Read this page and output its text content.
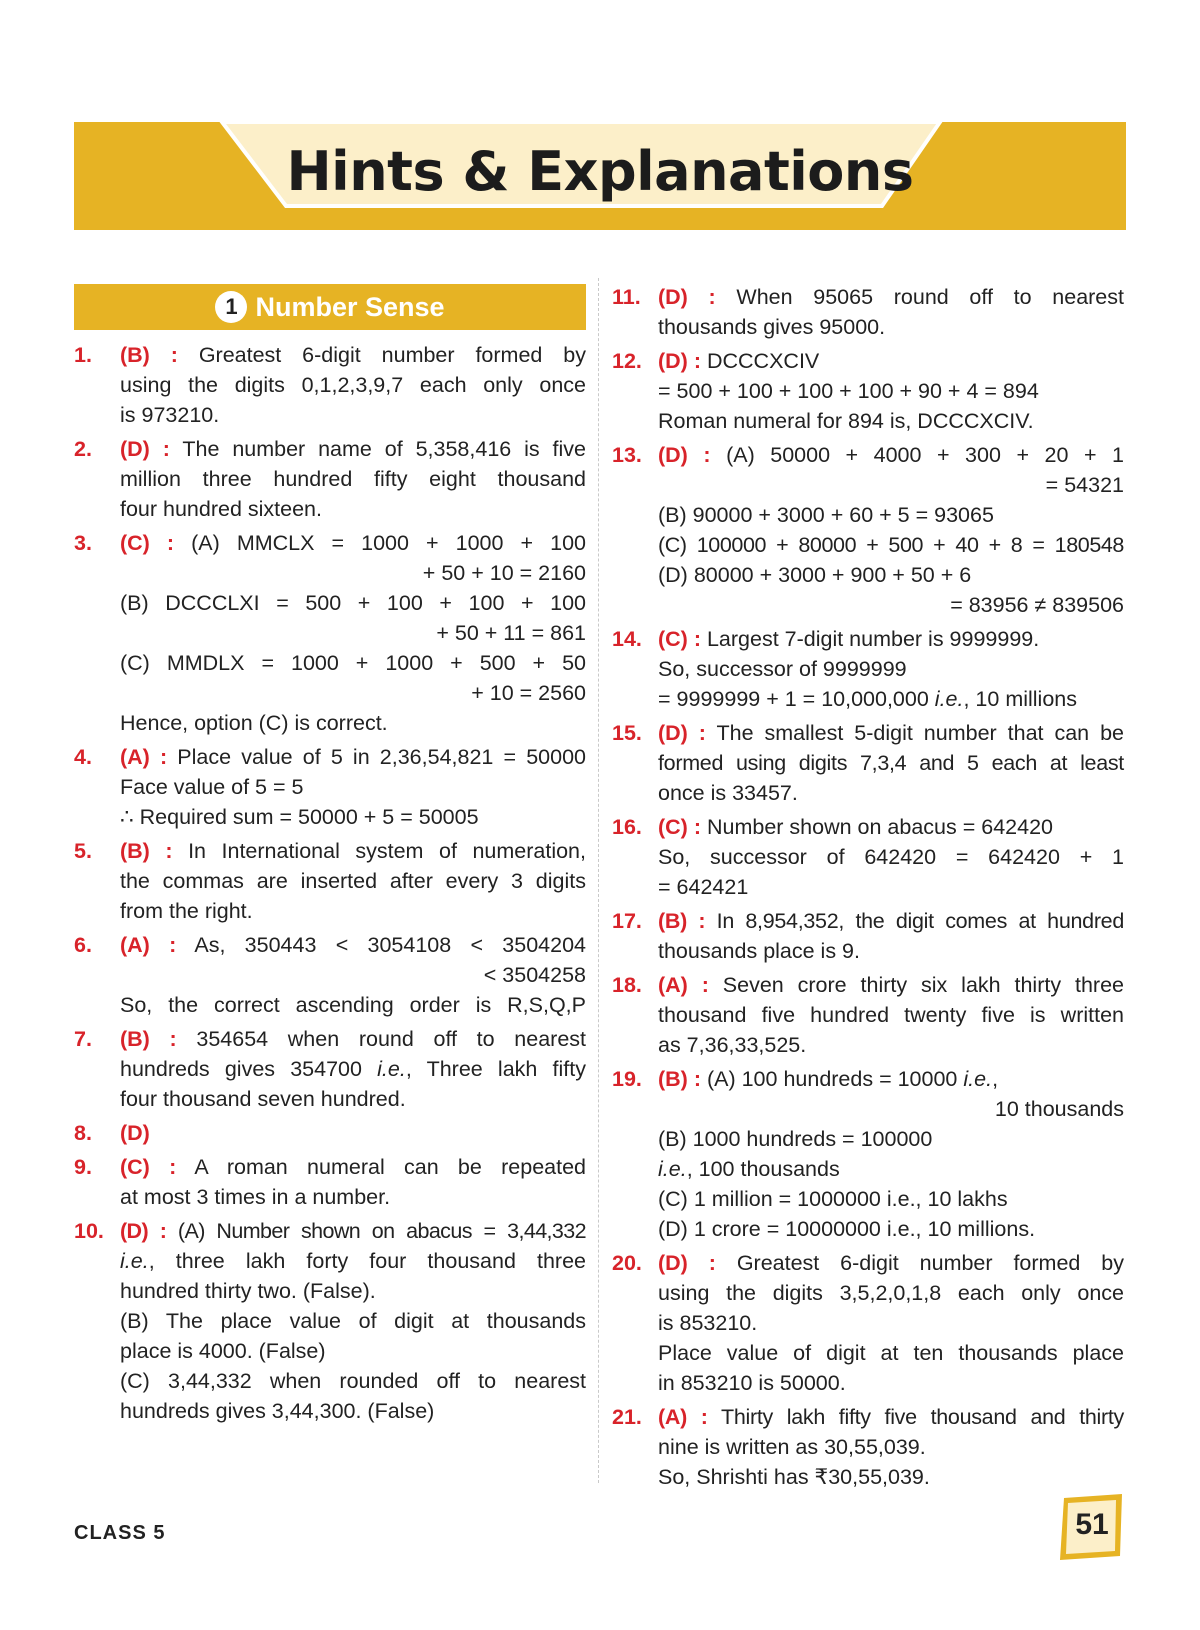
Hints & Explanations
1 Number Sense
1.	(B) : Greatest 6-digit number formed by
using the digits 0,1,2,3,9,7 each only once
is 973210.
2.	(D) : The number name of 5,358,416 is five
million three hundred fifty eight thousand
four hundred sixteen.
3.	(C) : (A) MMCLX = 1000 + 1000 + 100
+ 50 + 10 = 2160
(B) DCCCLXI = 500 + 100 + 100 + 100
+ 50 + 11 = 861
(C) MMDLX = 1000 + 1000 + 500 + 50
+ 10 = 2560
Hence, option (C) is correct.
4.	(A) : Place value of 5 in 2,36,54,821 = 50000
Face value of 5 = 5
∴ Required sum = 50000 + 5 = 50005
5.	(B) : In International system of numeration,
the commas are inserted after every 3 digits
from the right.
6.	(A) : As, 350443 < 3054108 < 3504204
< 3504258
So, the correct ascending order is R,S,Q,P
7.	(B) : 354654 when round off to nearest
hundreds gives 354700 i.e., Three lakh fifty
four thousand seven hundred.
8.	(D)
9.	(C) : A roman numeral can be repeated
at most 3 times in a number.
10. (D) : (A) Number shown on abacus = 3,44,332
i.e., three lakh forty four thousand three
hundred thirty two. (False).
(B) The place value of digit at thousands
place is 4000. (False)
(C) 3,44,332 when rounded off to nearest
hundreds gives 3,44,300. (False)
11. (D) : When 95065 round off to nearest
thousands gives 95000.
12. (D) : DCCCXCIV
= 500 + 100 + 100 + 100 + 90 + 4 = 894
Roman numeral for 894 is, DCCCXCIV.
13. (D) : (A) 50000 + 4000 + 300 + 20 + 1
= 54321
(B) 90000 + 3000 + 60 + 5 = 93065
(C) 100000 + 80000 + 500 + 40 + 8 = 180548
(D) 80000 + 3000 + 900 + 50 + 6
= 83956 ≠ 839506
14. (C) : Largest 7-digit number is 9999999.
So, successor of 9999999
= 9999999 + 1 = 10,000,000 i.e., 10 millions
15. (D) : The smallest 5-digit number that can be
formed using digits 7,3,4 and 5 each at least
once is 33457.
16. (C) : Number shown on abacus = 642420
So, successor of 642420 = 642420 + 1
= 642421
17. (B) : In 8,954,352, the digit comes at hundred
thousands place is 9.
18. (A) : Seven crore thirty six lakh thirty three
thousand five hundred twenty five is written
as 7,36,33,525.
19. (B) : (A) 100 hundreds = 10000 i.e.,
10 thousands
(B) 1000 hundreds = 100000
i.e., 100 thousands
(C) 1 million = 1000000 i.e., 10 lakhs
(D) 1 crore = 10000000 i.e., 10 millions.
20. (D) : Greatest 6-digit number formed by
using the digits 3,5,2,0,1,8 each only once
is 853210.
Place value of digit at ten thousands place
in 853210 is 50000.
21. (A) : Thirty lakh fifty five thousand and thirty
nine is written as 30,55,039.
So, Shrishti has ₹30,55,039.
CLASS 5	51
